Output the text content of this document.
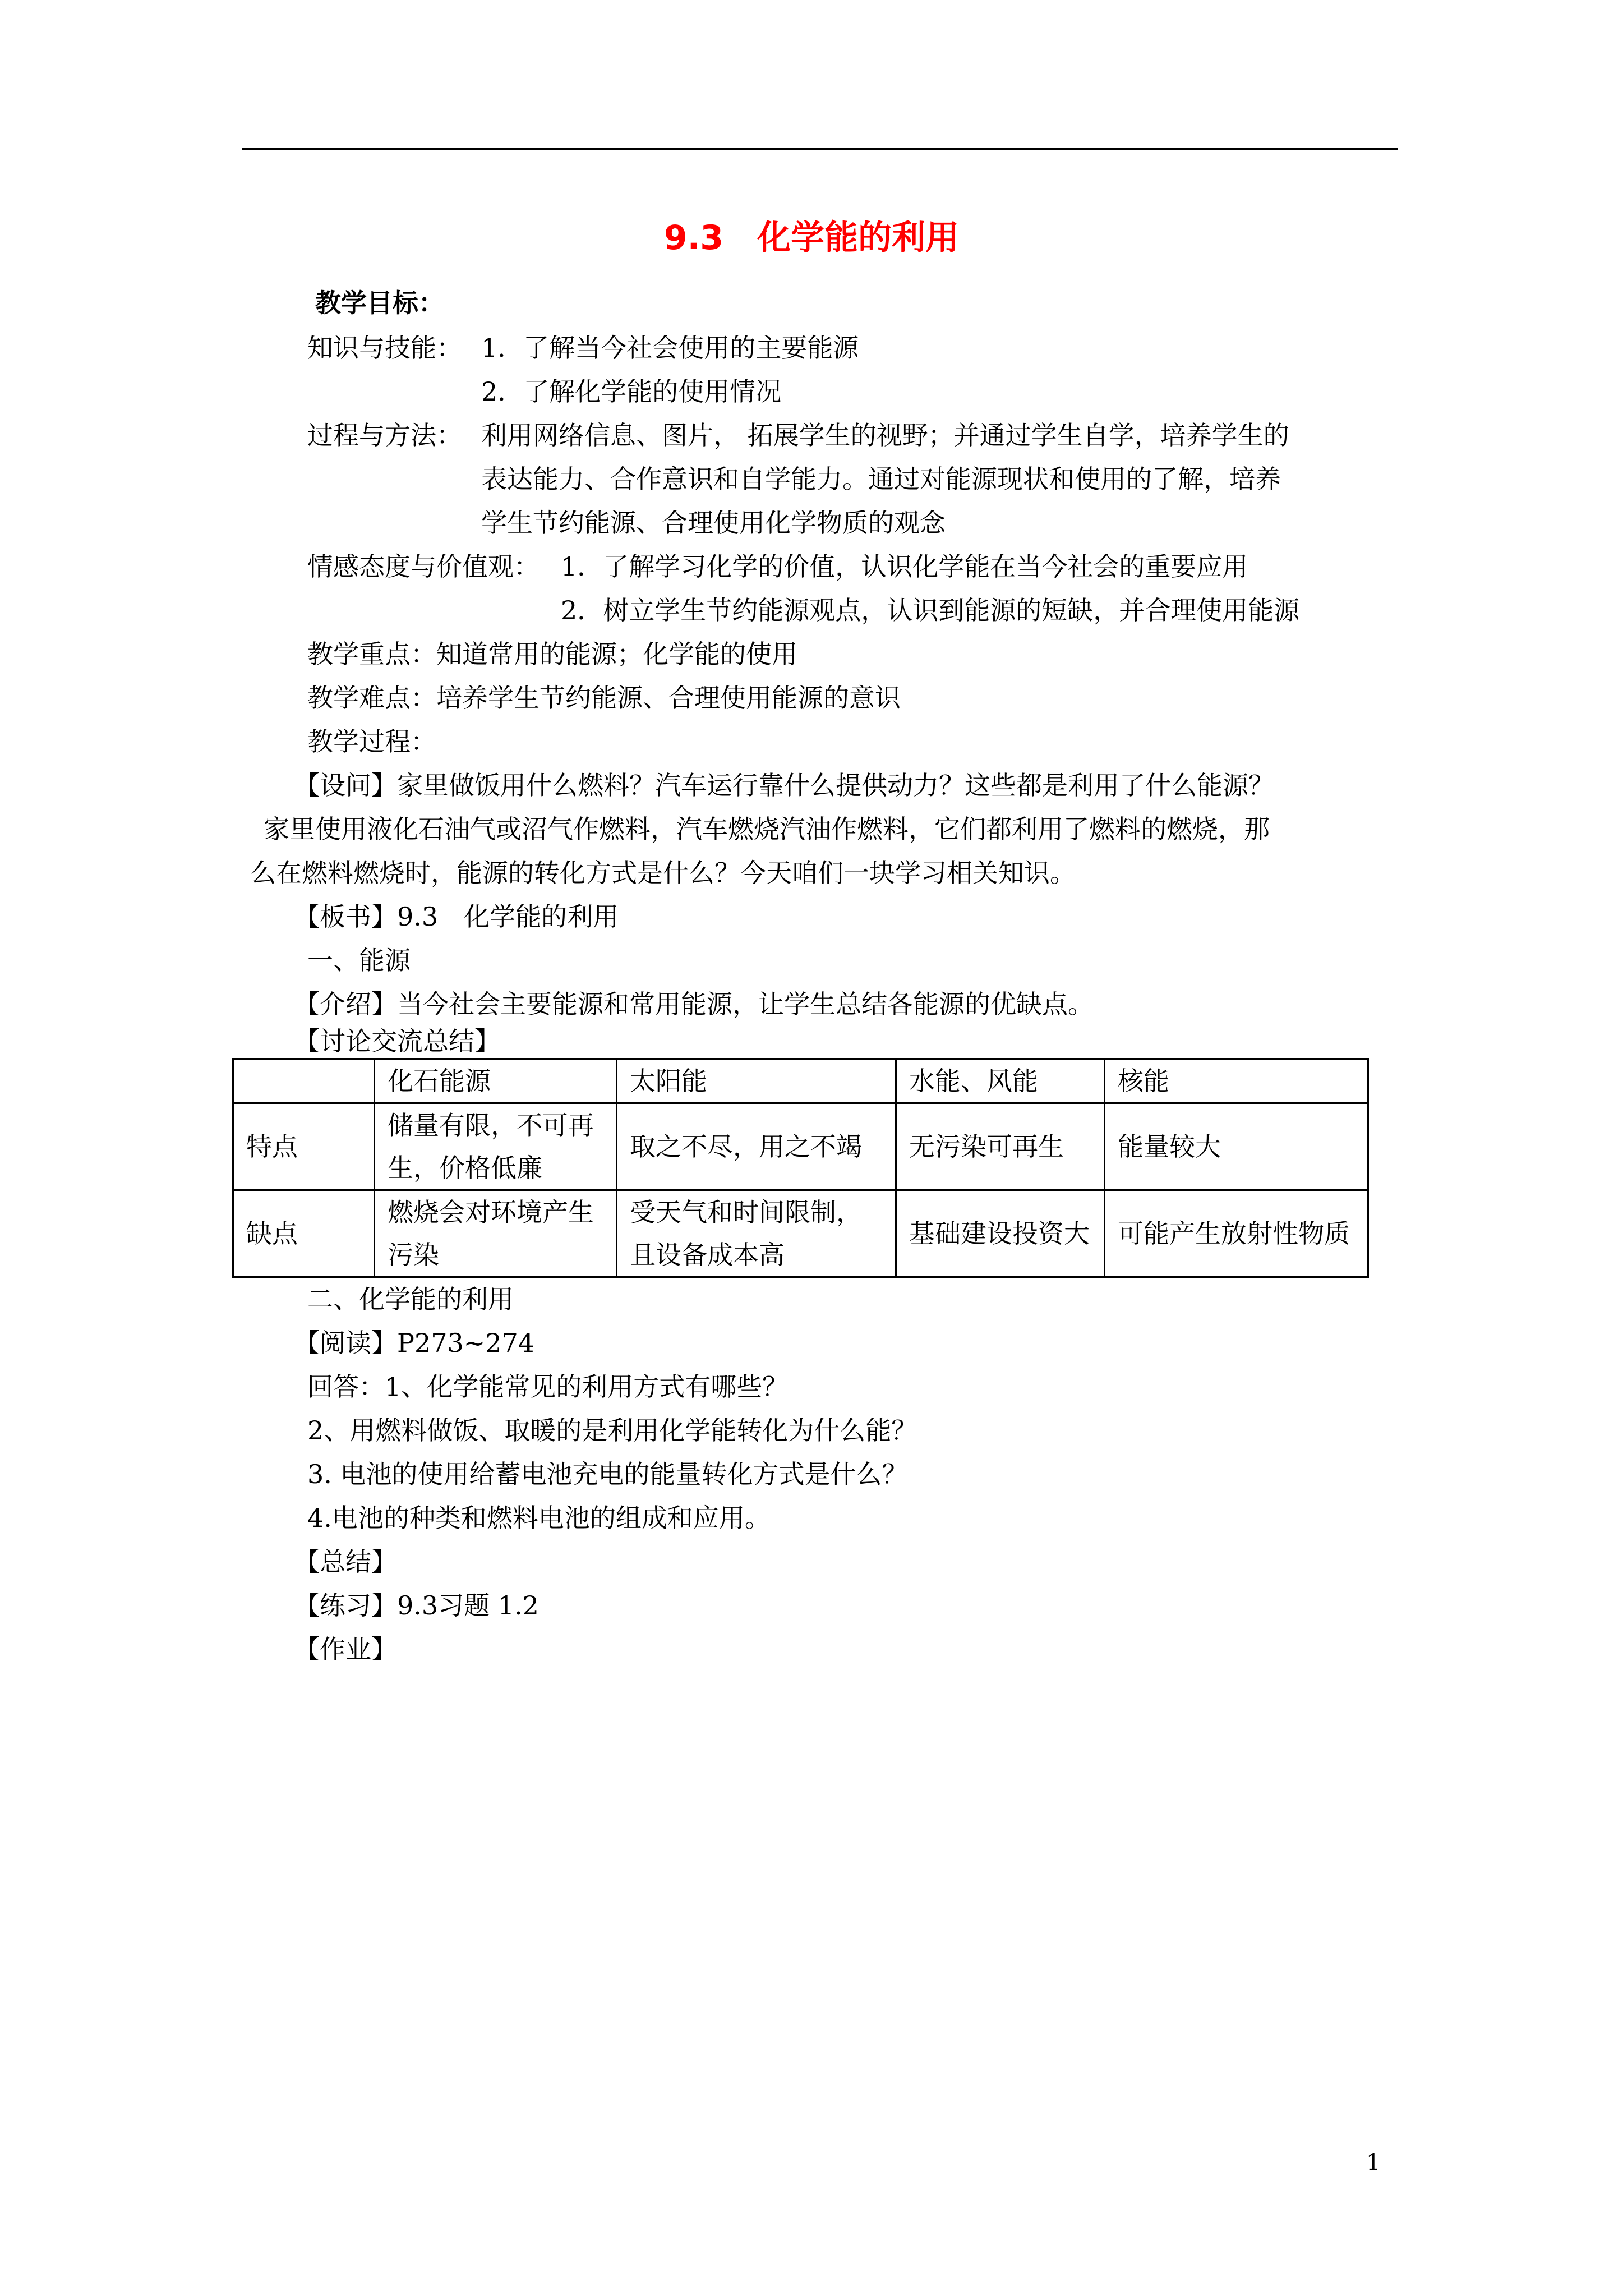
9.3　化学能的利用
教学目标：
知识与技能： 1．了解当今社会使用的主要能源
2．了解化学能的使用情况
过程与方法： 利用网络信息、图片， 拓展学生的视野；并通过学生自学，培养学生的
表达能力、合作意识和自学能力。通过对能源现状和使用的了解，培养
学生节约能源、合理使用化学物质的观念
情感态度与价值观： 1．了解学习化学的价值，认识化学能在当今社会的重要应用
2．树立学生节约能源观点，认识到能源的短缺，并合理使用能源
教学重点：知道常用的能源；化学能的使用
教学难点：培养学生节约能源、合理使用能源的意识
教学过程：
【设问】家里做饭用什么燃料？汽车运行靠什么提供动力？这些都是利用了什么能源？
家里使用液化石油气或沼气作燃料，汽车燃烧汽油作燃料，它们都利用了燃料的燃烧，那
么在燃料燃烧时，能源的转化方式是什么？今天咱们一块学习相关知识。
【板书】9.3　化学能的利用
一、能源
【介绍】当今社会主要能源和常用能源，让学生总结各能源的优缺点。
【讨论交流总结】
	化石能源	太阳能	水能、风能	核能
特点	储量有限，不可再生，价格低廉	取之不尽，用之不竭	无污染可再生	能量较大
缺点	燃烧会对环境产生污染	受天气和时间限制，且设备成本高	基础建设投资大	可能产生放射性物质
二、化学能的利用
【阅读】P273~274
回答：1、化学能常见的利用方式有哪些？
2、用燃料做饭、取暖的是利用化学能转化为什么能？
3. 电池的使用给蓄电池充电的能量转化方式是什么？
4.电池的种类和燃料电池的组成和应用。
【总结】
【练习】9.3习题 1.2
【作业】
1
